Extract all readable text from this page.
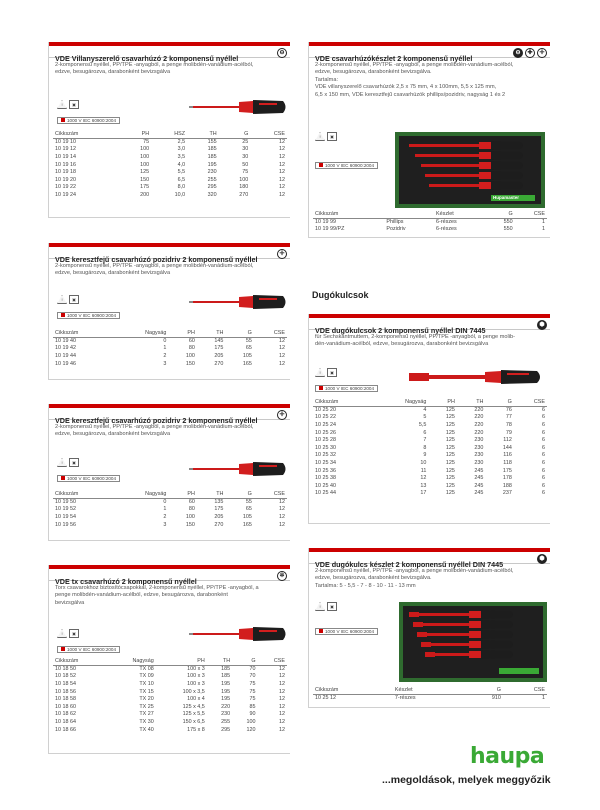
VDE Villanyszerelő csavarhúzó 2 komponensű nyéllel
⊖
2-komponensű nyéllel, PP/TPE -anyagból, a penge molibdén-vanádium-acélból,
edzve, besugározva, darabonként bevizsgálva
!	▣
1000 V IEC 60900:2004
Cikkszám	PH	HSZ	TH	G	CSE
10 19 10	75	2,5	155	25	12
10 19 12	100	3,0	185	30	12
10 19 14	100	3,5	185	30	12
10 19 16	100	4,0	195	50	12
10 19 18	125	5,5	230	75	12
10 19 20	150	6,5	255	100	12
10 19 22	175	8,0	295	180	12
10 19 24	200	10,0	320	270	12
VDE keresztfejű csavarhúzó pozidriv 2 komponensű nyéllel
✛
2-komponensű nyéllel, PP/TPE -anyagból, a penge molibdén-vanádium-acélból,
edzve, besugározva, darabonként bevizsgálva
!	▣
1000 V IEC 60900:2004
Cikkszám	Nagyság	PH	TH	G	CSE
10 19 40	0	60	145	55	12
10 19 42	1	80	175	65	12
10 19 44	2	100	205	105	12
10 19 46	3	150	270	165	12
VDE keresztfejű csavarhúzó pozidriv 2 komponensű nyéllel
✛
2-komponensű nyéllel, PP/TPE -anyagból, a penge molibdén-vanádium-acélból,
edzve, besugározva, darabonként bevizsgálva
!	▣
1000 V IEC 60900:2004
Cikkszám	Nagyság	PH	TH	G	CSE
10 19 50	0	60	135	55	12
10 19 52	1	80	175	65	12
10 19 54	2	100	205	105	12
10 19 56	3	150	270	165	12
VDE tx csavarhúzó 2 komponensű nyéllel
✲
Torx csavarokhoz biztosítócsapokkal, 2-komponensű nyéllel, PP/TPE -anyagból, a
penge molibdén-vanádium-acélból, edzve, besugározva, darabonként
bevizsgálva
!	▣
1000 V IEC 60900:2004
Cikkszám	Nagyság	PH	TH	G	CSE
10 18 50	TX 08	100 x 3	185	70	12
10 18 52	TX 09	100 x 3	185	70	12
10 18 54	TX 10	100 x 3	195	75	12
10 18 56	TX 15	100 x 3,5	195	75	12
10 18 58	TX 20	100 x 4	195	75	12
10 18 60	TX 25	125 x 4,5	220	85	12
10 18 62	TX 27	125 x 5,5	230	90	12
10 18 64	TX 30	150 x 6,5	255	100	12
10 18 66	TX 40	175 x 8	295	120	12
VDE csavarhúzókészlet 2 komponensű nyéllel
⊖	✚	✛
2-komponensű nyéllel, PP/TPE -anyagból, a penge molibdén-vanádium-acélból,
edzve, besugározva, darabonként bevizsgálva.
Tartalma:
VDE villanyszerelő csavarhúzók 2,5 x 75 mm, 4 x 100mm, 5,5 x 125 mm,
6,5 x 150 mm, VDE keresztfejű csavarhúzók phillips/pozidriv, nagyság 1 és 2
!	▣
1000 V IEC 60900:2004
Hupamaster
Cikkszám		Készlet	G	CSE
10 19 99	Phillips	6-részes	550	1
10 19 99/PZ	Pozidriv	6-részes	550	1
Dugókulcsok
VDE dugókulcsok 2 komponensű nyéllel DIN 7445
⬢
für Sechskantmuttern, 2-komponensű nyéllel, PP/TPE -anyagból, a penge molib-
dén-vanádium-acélból, edzve, besugározva, darabonként bevizsgálva
!	▣
1000 V IEC 60900:2004
Cikkszám	Nagyság	PH	TH	G	CSE
10 25 20	4	125	220	76	6
10 25 22	5	125	220	77	6
10 25 24	5,5	125	220	78	6
10 25 26	6	125	220	79	6
10 25 28	7	125	230	112	6
10 25 30	8	125	230	144	6
10 25 32	9	125	230	116	6
10 25 34	10	125	230	118	6
10 25 36	11	125	245	175	6
10 25 38	12	125	245	178	6
10 25 40	13	125	245	188	6
10 25 44	17	125	245	237	6
VDE dugókulcs készlet 2 komponensű nyéllel DIN 7445
⬢
2-komponensű nyéllel, PP/TPE -anyagból, a penge molibdén-vanádium-acélból,
edzve, besugározva, darabonként bevizsgálva.
Tartalma: 5 - 5,5 - 7 - 8 - 10 - 11 - 13 mm
!	▣
1000 V IEC 60900:2004
Cikkszám	Készlet	G	CSE
10 25 12	7-részes	910	1
haupa
...megoldások, melyek meggyőzik
